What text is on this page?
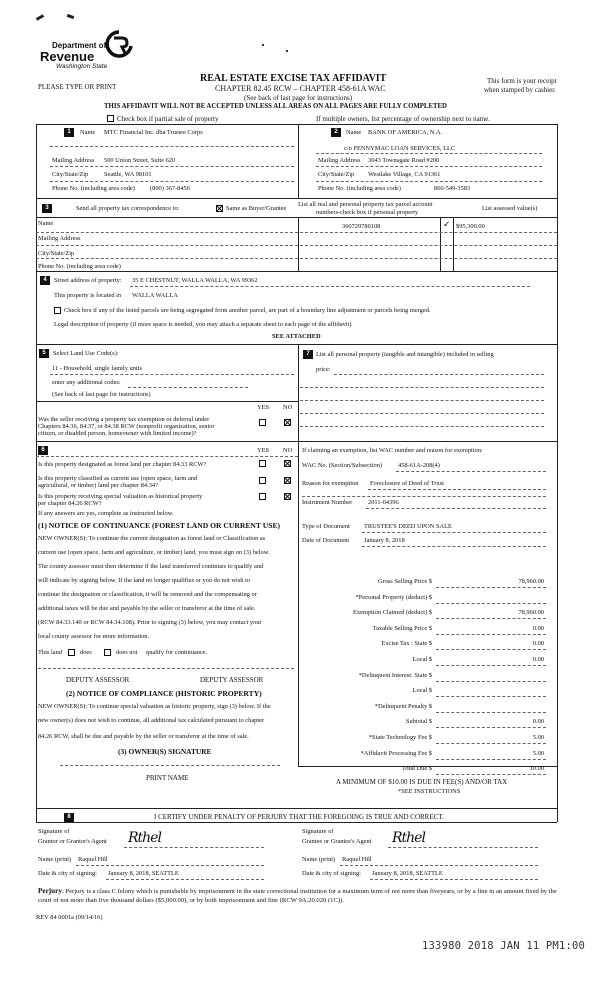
Department of
Revenue
Washington State
PLEASE TYPE OR PRINT
REAL ESTATE EXCISE TAX AFFIDAVIT
CHAPTER 82.45 RCW – CHAPTER 458-61A WAC
(See back of last page for instructions)
THIS AFFIDAVIT WILL NOT BE ACCEPTED UNLESS ALL AREAS ON ALL PAGES ARE FULLY COMPLETED
This form is your receipt
when stamped by cashier.
Check box if partial sale of property	If multiple owners, list percentage of ownership next to name.
1	Name MTC Financial Inc. dba Trustee Corps
Mailing Address 500 Union Street, Suite 620
City/State/Zip Seattle, WA 98101
Phone No. (including area code) (800) 367-8456
2	Name BANK OF AMERICA, N.A.
c/o PENNYMAC LOAN SERVICES, LLC
Mailing Address 3043 Townsgate Road #200
City/State/Zip Westlake Village, CA 91361
Phone No. (including area code)	866-549-3583
3	Send all property tax correspondence to:	Same as Buyer/Grantee
List all real and personal property tax parcel account
numbers-check box if personal property
List assessed value(s)
Name	360729780108	✓ $95,300.00
Mailing Address
City/State/Zip
Phone No. (including area code)
4	Street address of property: 35 E CHESTNUT, WALLA WALLA, WA 99362
This property is located in WALLA WALLA
Check box if any of the listed parcels are being segregated from another parcel, are part of a boundary line adjustment or parcels being merged.
Legal description of property (if more space is needed, you may attach a separate sheet to each page of the affidavit)
SEE ATTACHED
5	Select Land Use Code(s):
11 - Household, single family units
enter any additional codes:
(See back of last page for instructions)
YES NO
Was the seller receiving a property tax exemption or deferral under
Chapters 84.36, 84.37, or 84.38 RCW (nonprofit organization, senior
citizen, or disabled person, homeowner with limited income)?
7 List all personal property (tangible and intangible) included in selling
price:
6	YES NO
Is this property designated as forest land per chapter 84.33 RCW?
Is this property classified as current use (open space, farm and
agricultural, or timber) land per chapter 84.34?
Is this property receiving special valuation as historical property
per chapter 84.26 RCW?
If any answers are yes, complete as instructed below.
(1) NOTICE OF CONTINUANCE (FOREST LAND OR CURRENT USE)
NEW OWNER(S): To continue the current designation as forest land or Classification as
current use (open space, farm and agriculture, or timber) land, you must sign on (3) below.
The county assessor must then determine if the land transferred continues to qualify and
will indicate by signing below. If the land no longer qualifies or you do not wish to
continue the designation or classification, it will be removed and the compensating or
additional taxes will be due and payable by the seller or transferor at the time of sale.
(RCW 84.33.140 or RCW 84.34.108). Prior to signing (3) below, you may contact your
local county assessor for more information.
This land	does	does not qualify for continuance.
DEPUTY ASSESSOR	DEPUTY ASSESSOR
(2) NOTICE OF COMPLIANCE (HISTORIC PROPERTY)
NEW OWNER(S): To continue special valuation as historic property, sign (3) below. If the
new owner(s) does not wish to continue, all additional tax calculated pursuant to chapter
84.26 RCW, shall be due and payable by the seller or transferor at the time of sale.
(3) OWNER(S) SIGNATURE
PRINT NAME
If claiming an exemption, list WAC number and reason for exemption:
WAC No. (Section/Subsection) 458-61A-208(4)
Reason for exemption Foreclosure of Deed of Trust
Instrument Number 2011-04396
Type of Document TRUSTEE'S DEED UPON SALE
Date of Document January 8, 2018
Gross Selling Price $	78,960.00
*Personal Property (deduct) $
Exemption Claimed (deduct) $	78,960.00
Taxable Selling Price $	0.00
Excise Tax : State $	0.00
Local $	0.00
*Delinquent Interest: State $
Local $
*Delinquent Penalty $
Subtotal $	0.00
*State Technology Fee $	5.00
*Affidavit Processing Fee $	5.00
Total Due $	10.00
A MINIMUM OF $10.00 IS DUE IN FEE(S) AND/OR TAX
*SEE INSTRUCTIONS
8	I CERTIFY UNDER PENALTY OF PERJURY THAT THE FOREGOING IS TRUE AND CORRECT.
Signature of
Grantor or Grantor's Agent Rthel
Name (print) Raquel Hill
Date & city of signing: January 8, 2018, SEATTLE
Signature of
Grantee or Grantee's Agent Rthel
Name (print) Raquel Hill
Date & city of signing: January 8, 2018, SEATTLE
Perjury: Perjury is a class C felony which is punishable by imprisonment in the state correctional institution for a maximum term of not more than fiveyears, or by a fine in an amount fixed by the court of not more than five thousand dollars ($5,000.00), or by both imprisonment and fine (RCW 9A.20.020 (1C)).
REV 84 0001a (09/14/16)
133980 2018 JAN 11 PM1:00
